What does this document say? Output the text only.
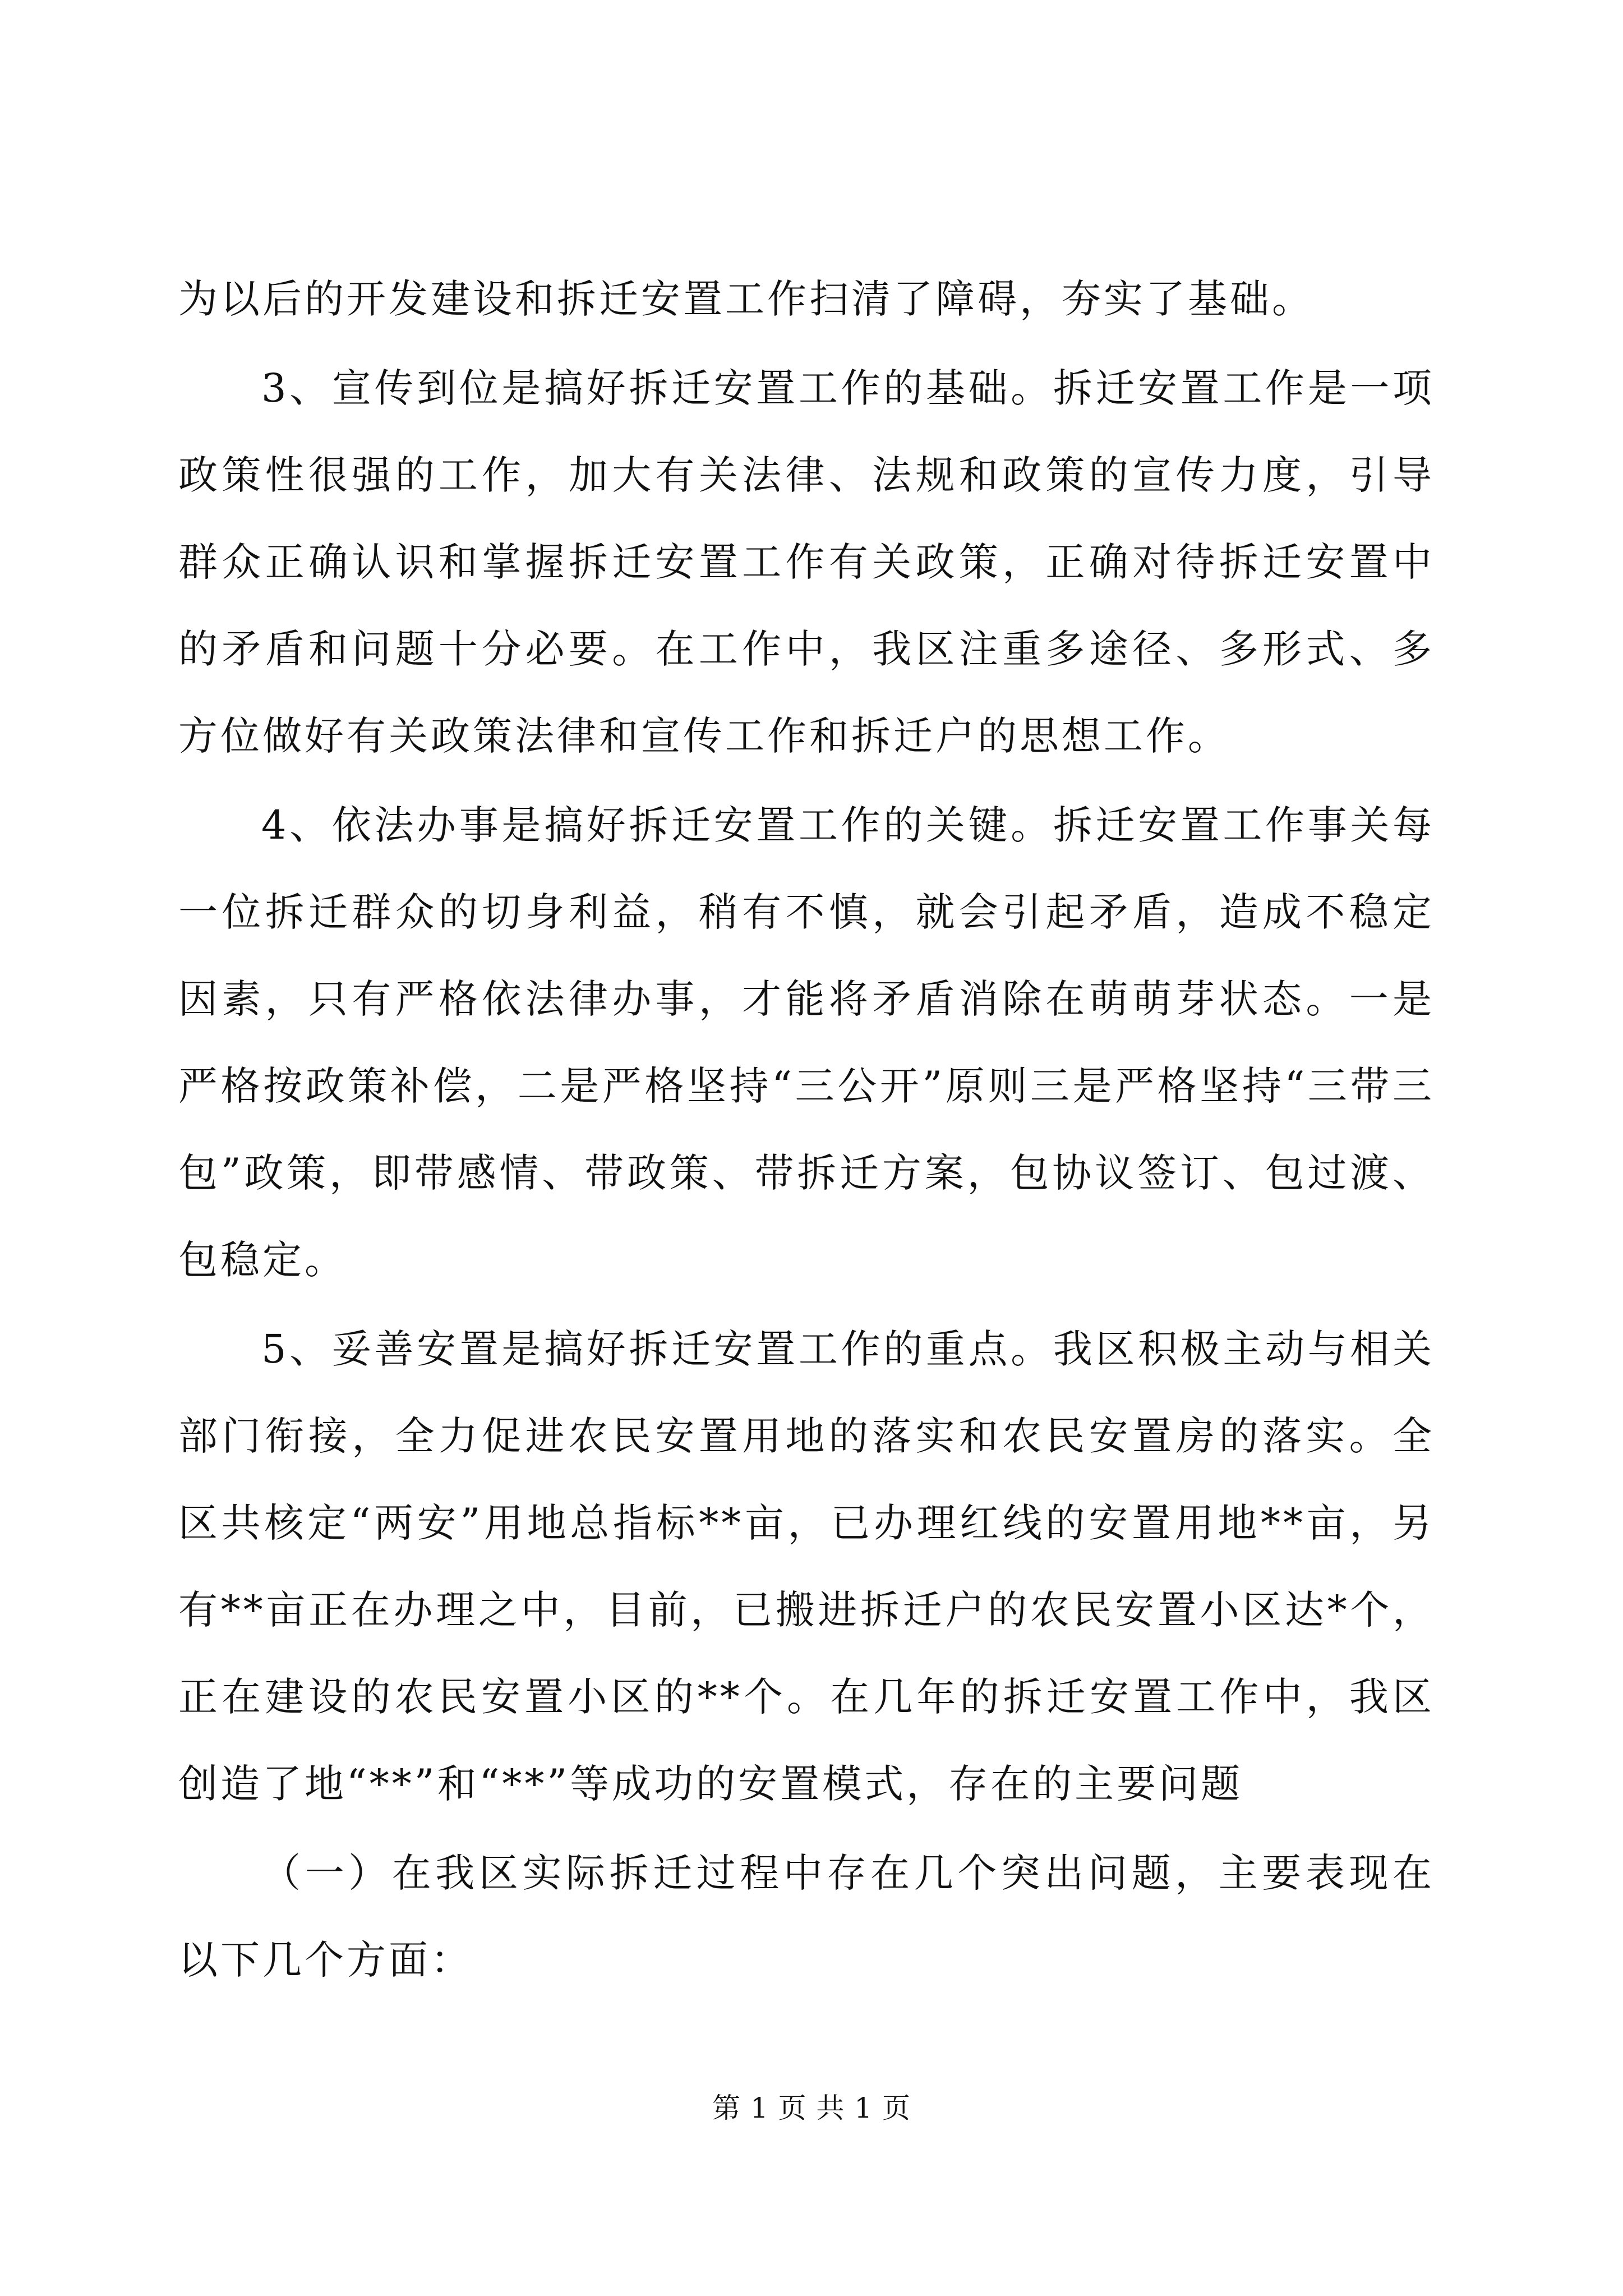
为以后的开发建设和拆迁安置工作扫清了障碍，夯实了基础。

3、宣传到位是搞好拆迁安置工作的基础。拆迁安置工作是一项政策性很强的工作，加大有关法律、法规和政策的宣传力度，引导群众正确认识和掌握拆迁安置工作有关政策，正确对待拆迁安置中的矛盾和问题十分必要。在工作中，我区注重多途径、多形式、多方位做好有关政策法律和宣传工作和拆迁户的思想工作。

4、依法办事是搞好拆迁安置工作的关键。拆迁安置工作事关每一位拆迁群众的切身利益，稍有不慎，就会引起矛盾，造成不稳定因素，只有严格依法律办事，才能将矛盾消除在萌萌芽状态。一是严格按政策补偿，二是严格坚持“三公开”原则三是严格坚持“三带三包”政策，即带感情、带政策、带拆迁方案，包协议签订、包过渡、包稳定。

5、妥善安置是搞好拆迁安置工作的重点。我区积极主动与相关部门衔接，全力促进农民安置用地的落实和农民安置房的落实。全区共核定“两安”用地总指标**亩，已办理红线的安置用地**亩，另有**亩正在办理之中，目前，已搬进拆迁户的农民安置小区达*个，正在建设的农民安置小区的**个。在几年的拆迁安置工作中，我区创造了地“**”和“**”等成功的安置模式，存在的主要问题

（一）在我区实际拆迁过程中存在几个突出问题，主要表现在以下几个方面：

第 1 页 共 1 页
